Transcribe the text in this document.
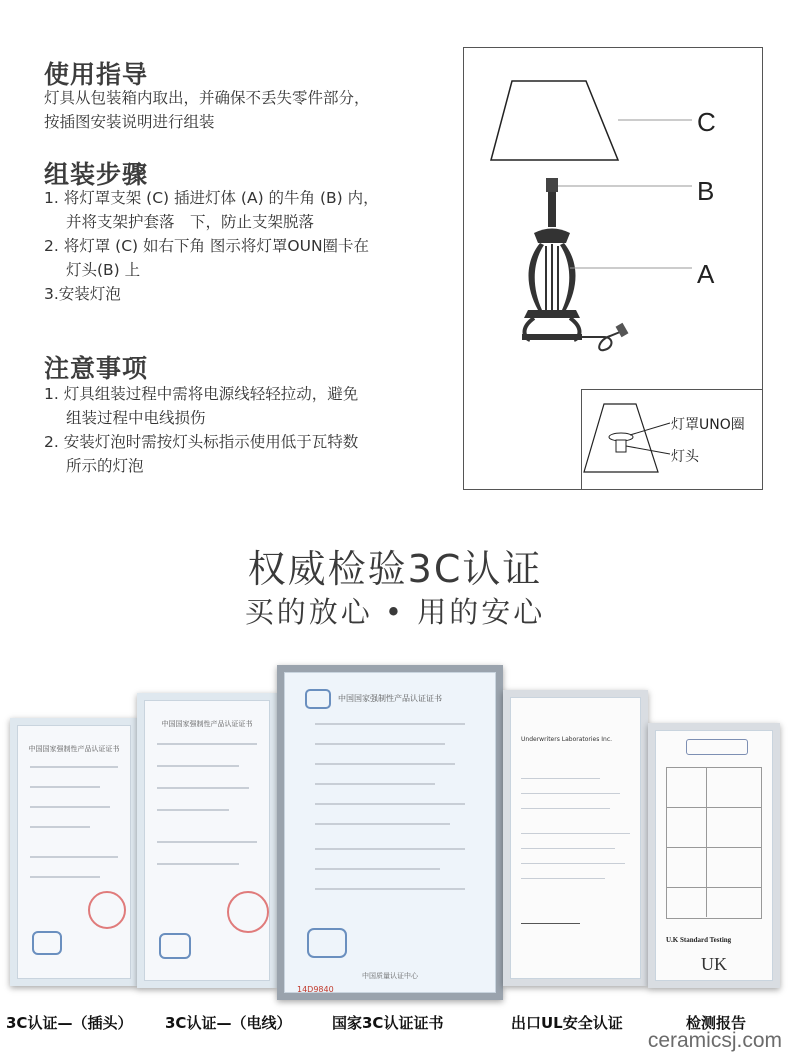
使用指导
灯具从包装箱内取出，并确保不丢失零件部分，
按插图安装说明进行组装
组装步骤
1. 将灯罩支架 (C) 插进灯体 (A) 的牛角 (B) 内，
并将支架护套落　下，防止支架脱落
2. 将灯罩 (C) 如右下角 图示将灯罩OUN圈卡在
灯头(B) 上
3.安装灯泡
注意事项
1. 灯具组装过程中需将电源线轻轻拉动，避免
组装过程中电线损伤
2. 安装灯泡时需按灯头标指示使用低于瓦特数
所示的灯泡
C
B
A
灯罩UNO圈
灯头
权威检验3C认证
买的放心 • 用的安心
中国国家强制性产品认证证书
中国国家强制性产品认证证书
中国国家强制性产品认证证书
中国质量认证中心
14D9840
Underwriters Laboratories Inc.
U.K Standard Testing
UK
3C认证—（插头） 3C认证—（电线）	国家3C认证证书	出口UL安全认证	检测报告
ceramicsj.com
